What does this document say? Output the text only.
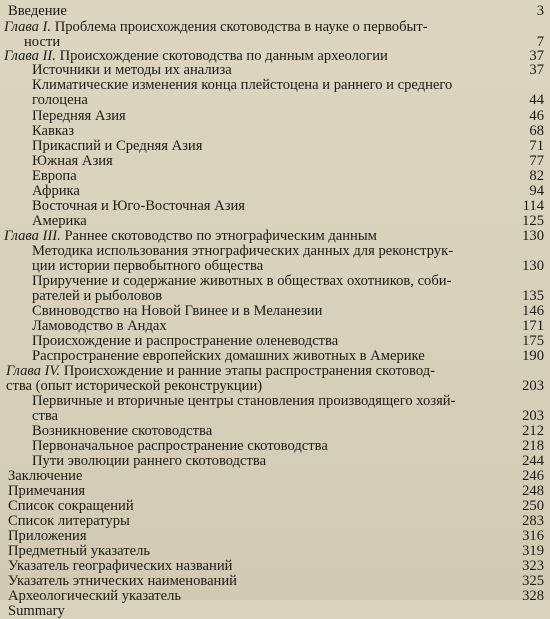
Введение	3
Глава I. Проблема происхождения скотоводства в науке о первобыт-
ности	7
Глава II. Происхождение скотоводства по данным археологии	37
Источники и методы их анализа	37
Климатические изменения конца плейстоцена и раннего и среднего
голоцена	44
Передняя Азия	46
Кавказ	68
Прикаспий и Средняя Азия	71
Южная Азия	77
Европа	82
Африка	94
Восточная и Юго-Восточная Азия	114
Америка	125
Глава III. Раннее скотоводство по этнографическим данным	130
Методика использования этнографических данных для реконструк-
ции истории первобытного общества	130
Приручение и содержание животных в обществах охотников, соби-
рателей и рыболовов	135
Свиноводство на Новой Гвинее и в Меланезии	146
Ламоводство в Андах	171
Происхождение и распространение оленеводства	175
Распространение европейских домашних животных в Америке	190
Глава IV. Происхождение и ранние этапы распространения скотовод-
ства (опыт исторической реконструкции)	203
Первичные и вторичные центры становления производящего хозяй-
ства	203
Возникновение скотоводства	212
Первоначальное распространение скотоводства	218
Пути эволюции раннего скотоводства	244
Заключение	246
Примечания	248
Список сокращений	250
Список литературы	283
Приложения	316
Предметный указатель	319
Указатель географических названий	323
Указатель этнических наименований	325
Археологический указатель	328
Summary
